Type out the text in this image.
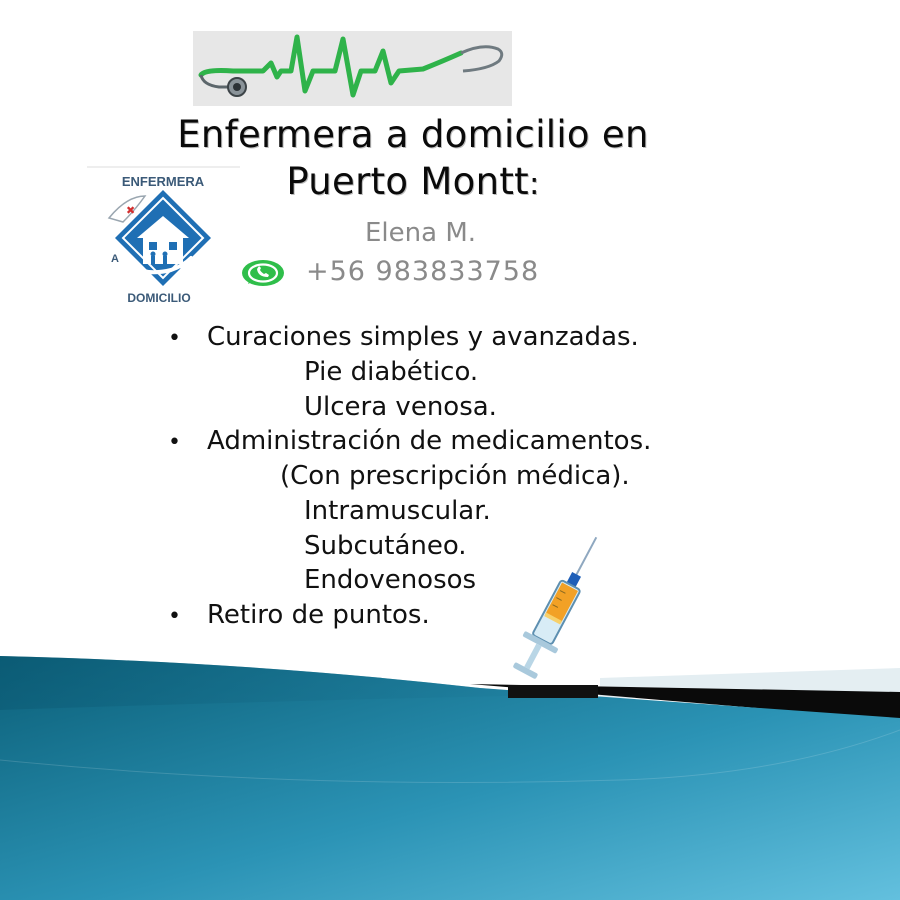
Enfermera a domicilio en
Puerto Montt:
✖
✚
ENFERMERA
A
DOMICILIO
Elena M.
+56 983833758
• Curaciones simples y avanzadas.
Pie diabético.
Ulcera venosa.
• Administración de medicamentos.
(Con prescripción médica).
Intramuscular.
Subcutáneo.
Endovenosos
• Retiro de puntos.
